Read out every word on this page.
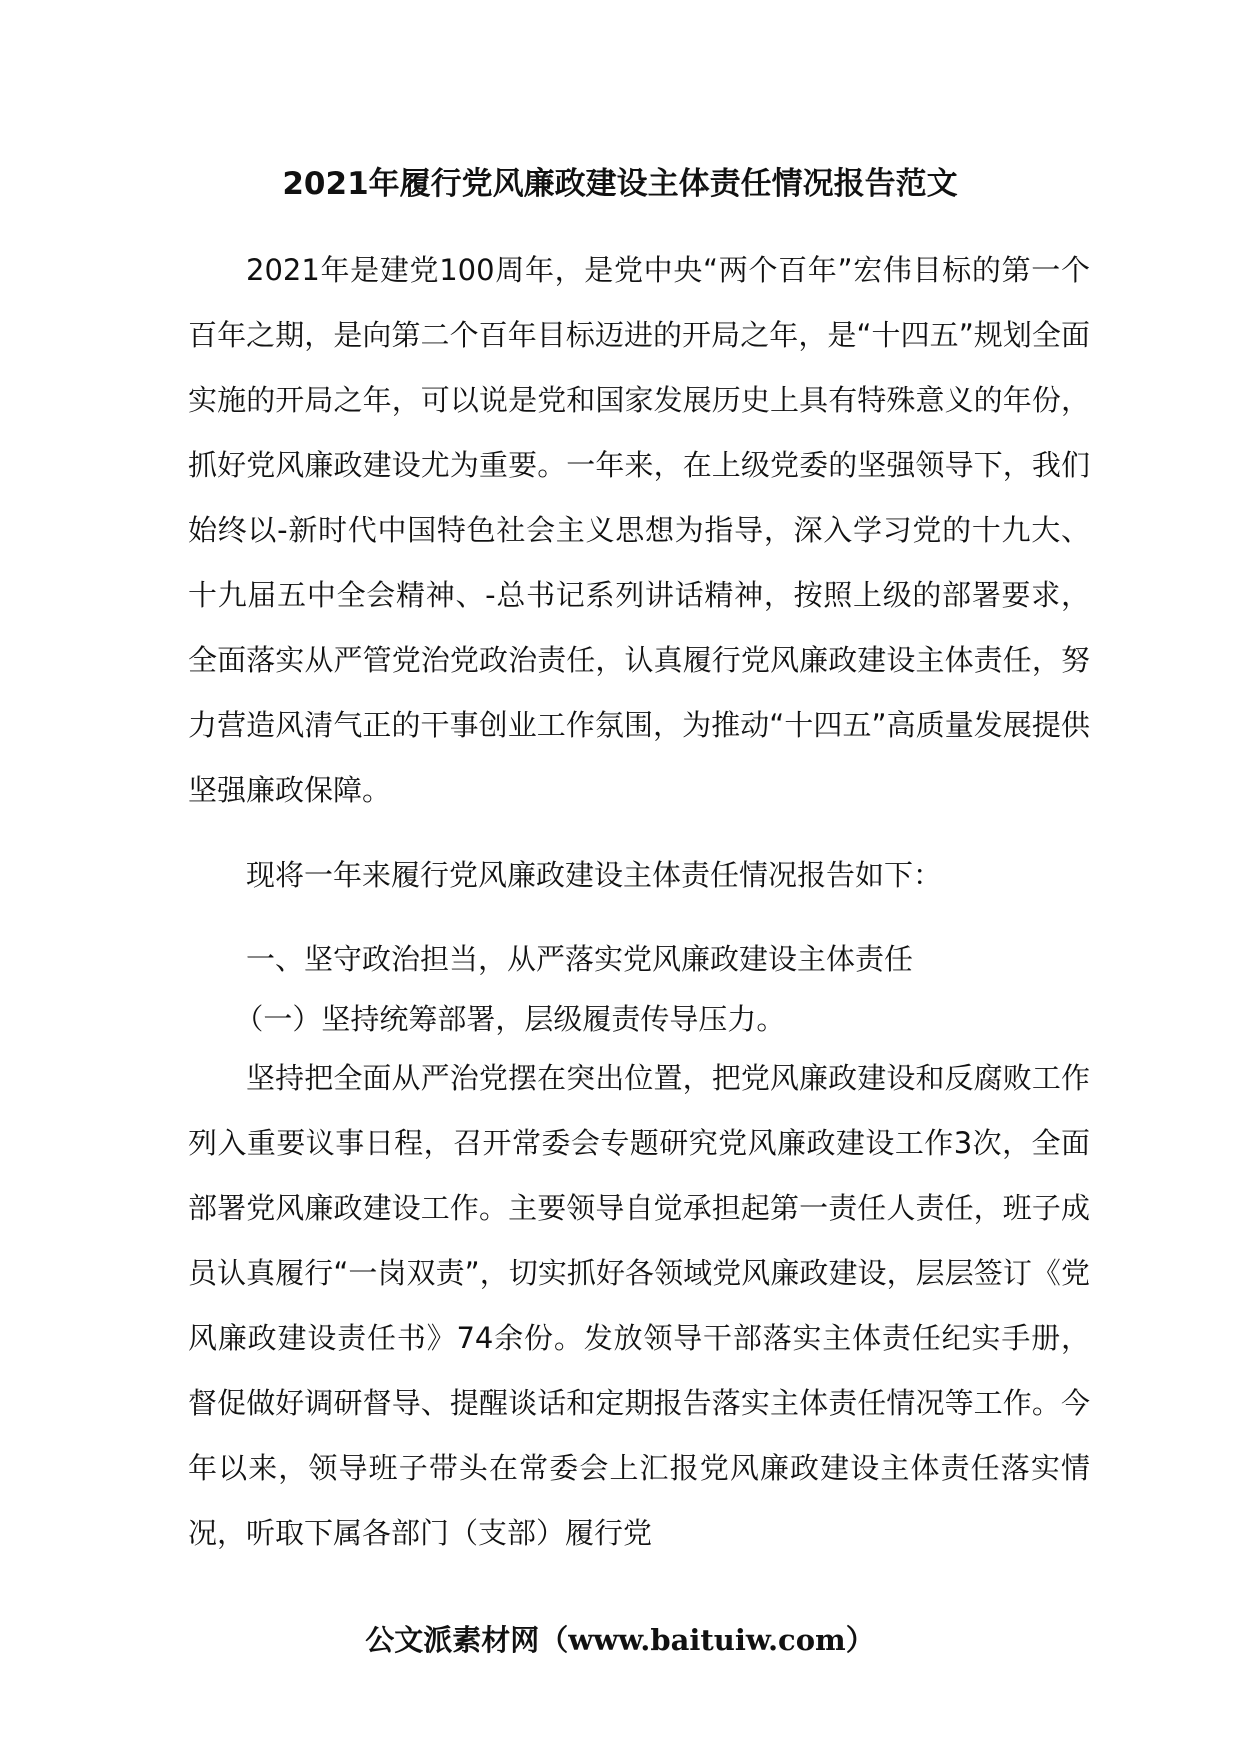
2021年履行党风廉政建设主体责任情况报告范文

2021年是建党100周年，是党中央“两个百年”宏伟目标的第一个百年之期，是向第二个百年目标迈进的开局之年，是“十四五”规划全面实施的开局之年，可以说是党和国家发展历史上具有特殊意义的年份，抓好党风廉政建设尤为重要。一年来，在上级党委的坚强领导下，我们始终以-新时代中国特色社会主义思想为指导，深入学习党的十九大、十九届五中全会精神、-总书记系列讲话精神，按照上级的部署要求，全面落实从严管党治党政治责任，认真履行党风廉政建设主体责任，努力营造风清气正的干事创业工作氛围，为推动“十四五”高质量发展提供坚强廉政保障。

现将一年来履行党风廉政建设主体责任情况报告如下：

一、坚守政治担当，从严落实党风廉政建设主体责任

（一）坚持统筹部署，层级履责传导压力。

坚持把全面从严治党摆在突出位置，把党风廉政建设和反腐败工作列入重要议事日程，召开常委会专题研究党风廉政建设工作3次，全面部署党风廉政建设工作。主要领导自觉承担起第一责任人责任，班子成员认真履行“一岗双责”，切实抓好各领域党风廉政建设，层层签订《党风廉政建设责任书》74余份。发放领导干部落实主体责任纪实手册，督促做好调研督导、提醒谈话和定期报告落实主体责任情况等工作。今年以来，领导班子带头在常委会上汇报党风廉政建设主体责任落实情况，听取下属各部门（支部）履行党

公文派素材网（www.baituiw.com）
